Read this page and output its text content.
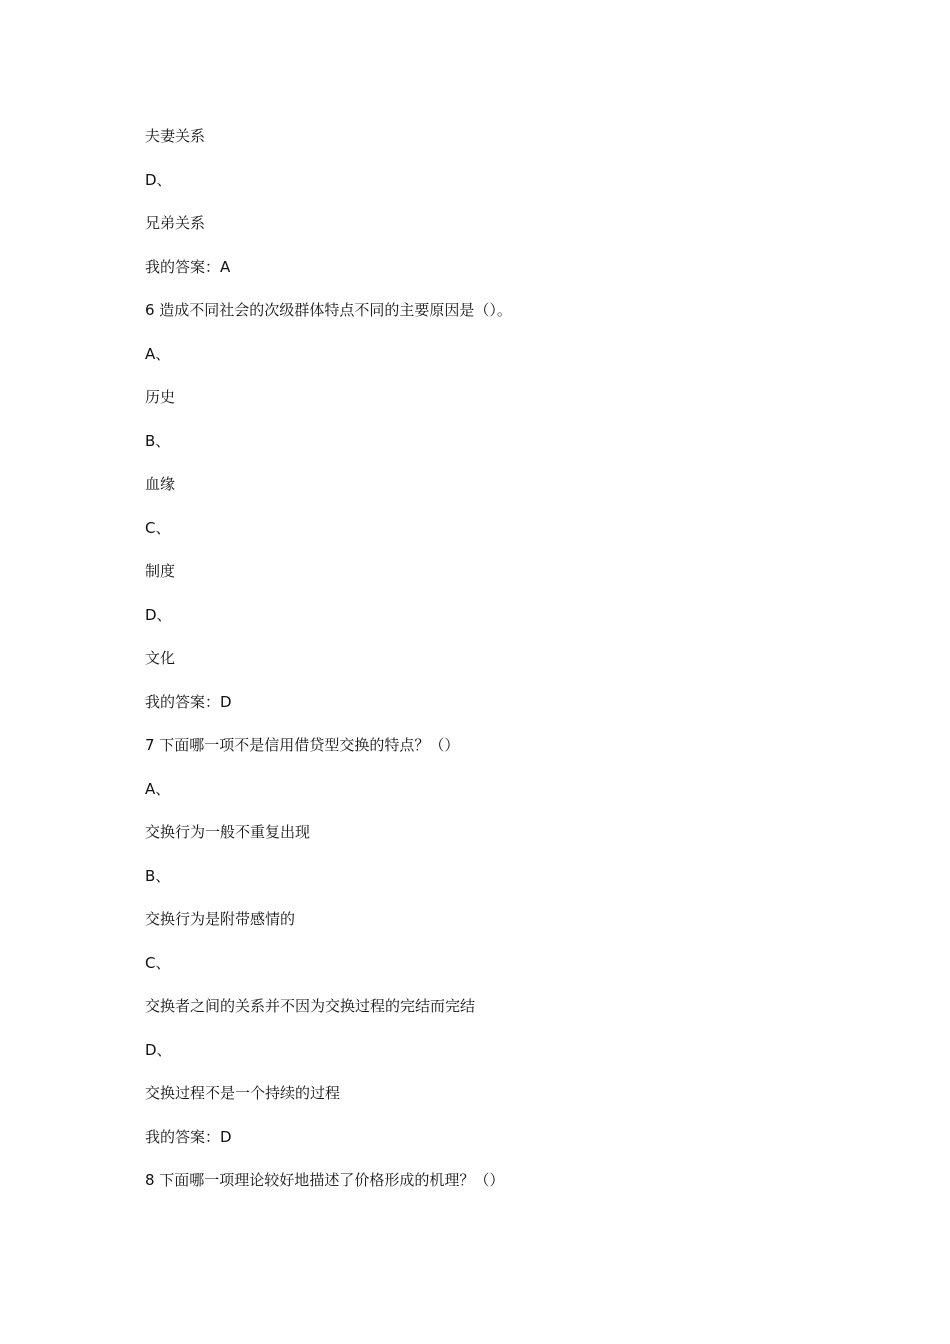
夫妻关系
D、
兄弟关系
我的答案：A
6 造成不同社会的次级群体特点不同的主要原因是（）。
A、
历史
B、
血缘
C、
制度
D、
文化
我的答案：D
7 下面哪一项不是信用借贷型交换的特点？（）
A、
交换行为一般不重复出现
B、
交换行为是附带感情的
C、
交换者之间的关系并不因为交换过程的完结而完结
D、
交换过程不是一个持续的过程
我的答案：D
8 下面哪一项理论较好地描述了价格形成的机理？（）
